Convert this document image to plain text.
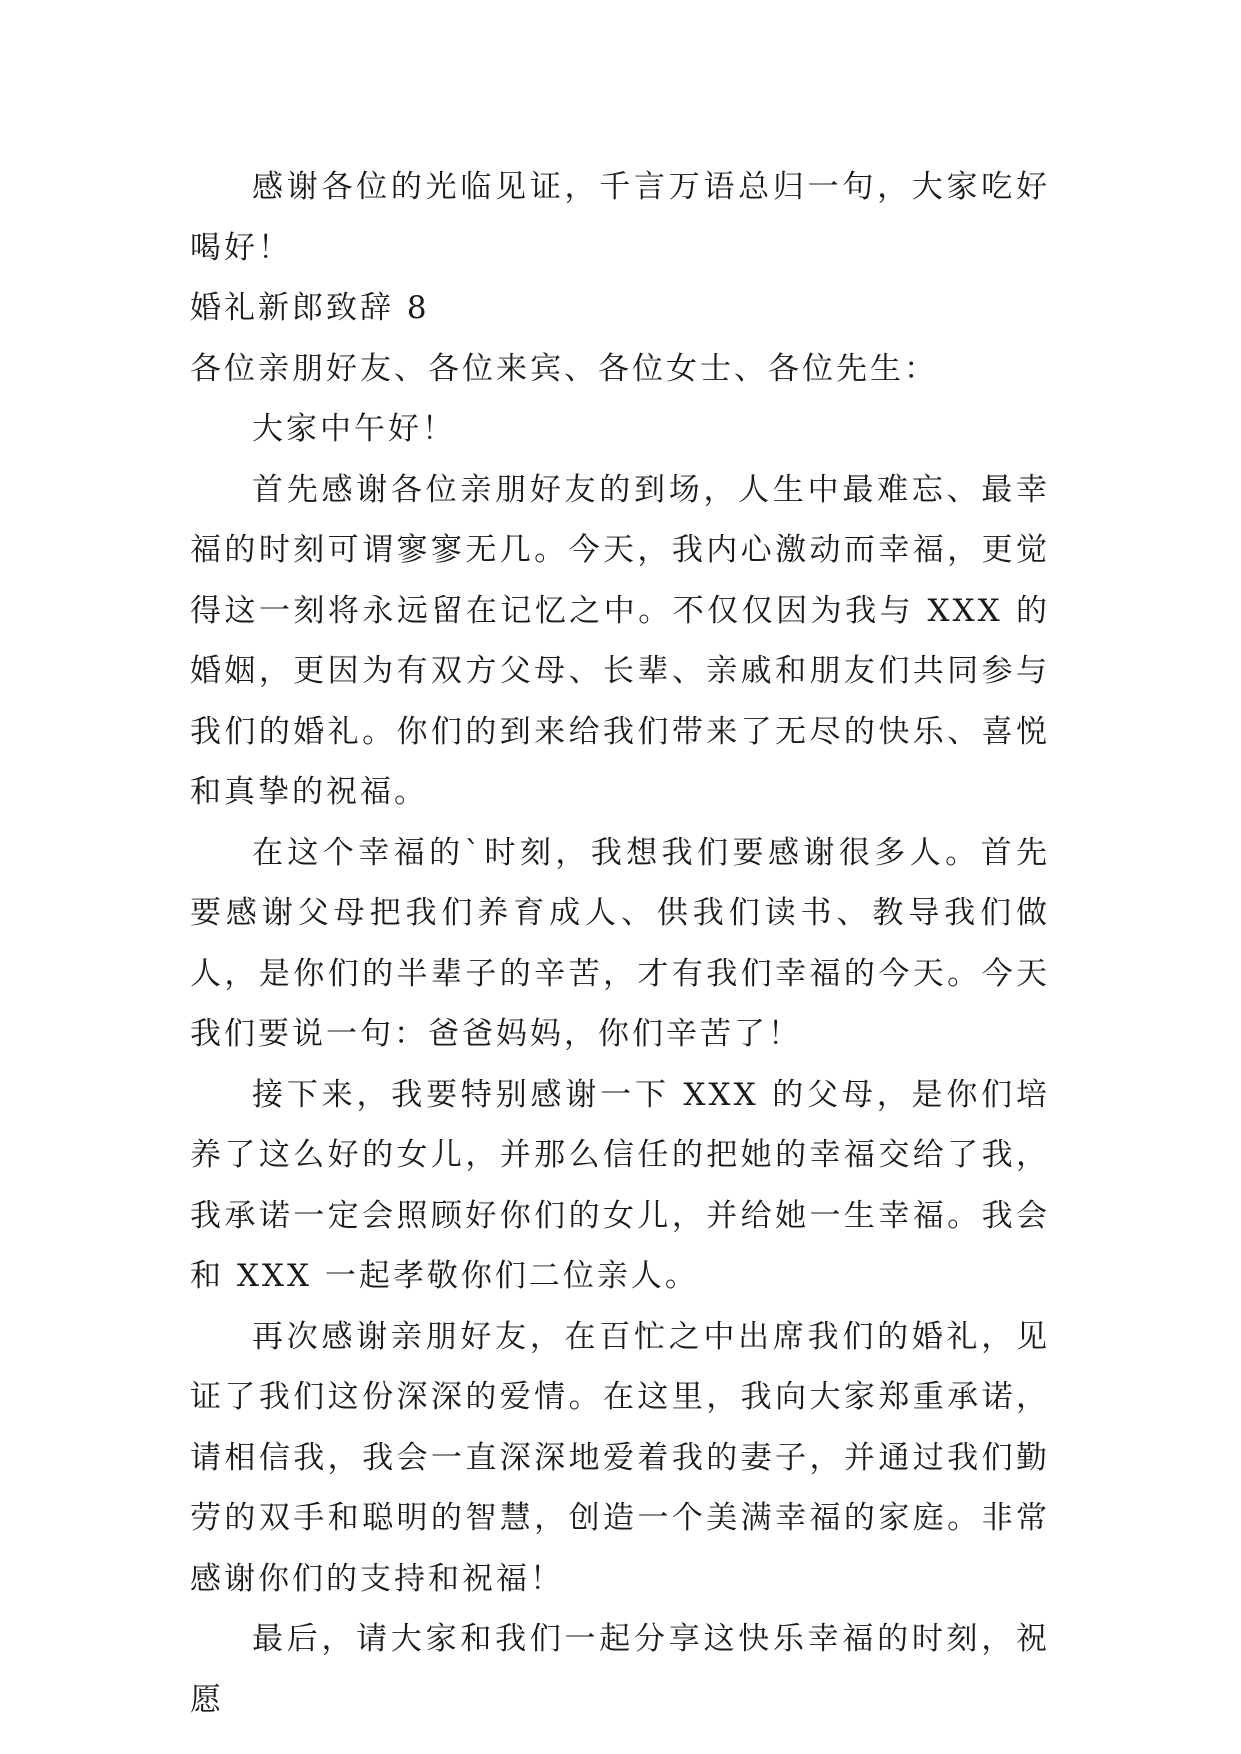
感谢各位的光临见证，千言万语总归一句，大家吃好喝好！

婚礼新郎致辞 8

各位亲朋好友、各位来宾、各位女士、各位先生：

大家中午好！

首先感谢各位亲朋好友的到场，人生中最难忘、最幸福的时刻可谓寥寥无几。今天，我内心激动而幸福，更觉得这一刻将永远留在记忆之中。不仅仅因为我与 XXX 的婚姻，更因为有双方父母、长辈、亲戚和朋友们共同参与我们的婚礼。你们的到来给我们带来了无尽的快乐、喜悦和真挚的祝福。

在这个幸福的`时刻，我想我们要感谢很多人。首先要感谢父母把我们养育成人、供我们读书、教导我们做人，是你们的半辈子的辛苦，才有我们幸福的今天。今天我们要说一句：爸爸妈妈，你们辛苦了！

接下来，我要特别感谢一下 XXX 的父母，是你们培养了这么好的女儿，并那么信任的把她的幸福交给了我，我承诺一定会照顾好你们的女儿，并给她一生幸福。我会和 XXX 一起孝敬你们二位亲人。

再次感谢亲朋好友，在百忙之中出席我们的婚礼，见证了我们这份深深的爱情。在这里，我向大家郑重承诺，请相信我，我会一直深深地爱着我的妻子，并通过我们勤劳的双手和聪明的智慧，创造一个美满幸福的家庭。非常感谢你们的支持和祝福！

最后，请大家和我们一起分享这快乐幸福的时刻，祝愿
